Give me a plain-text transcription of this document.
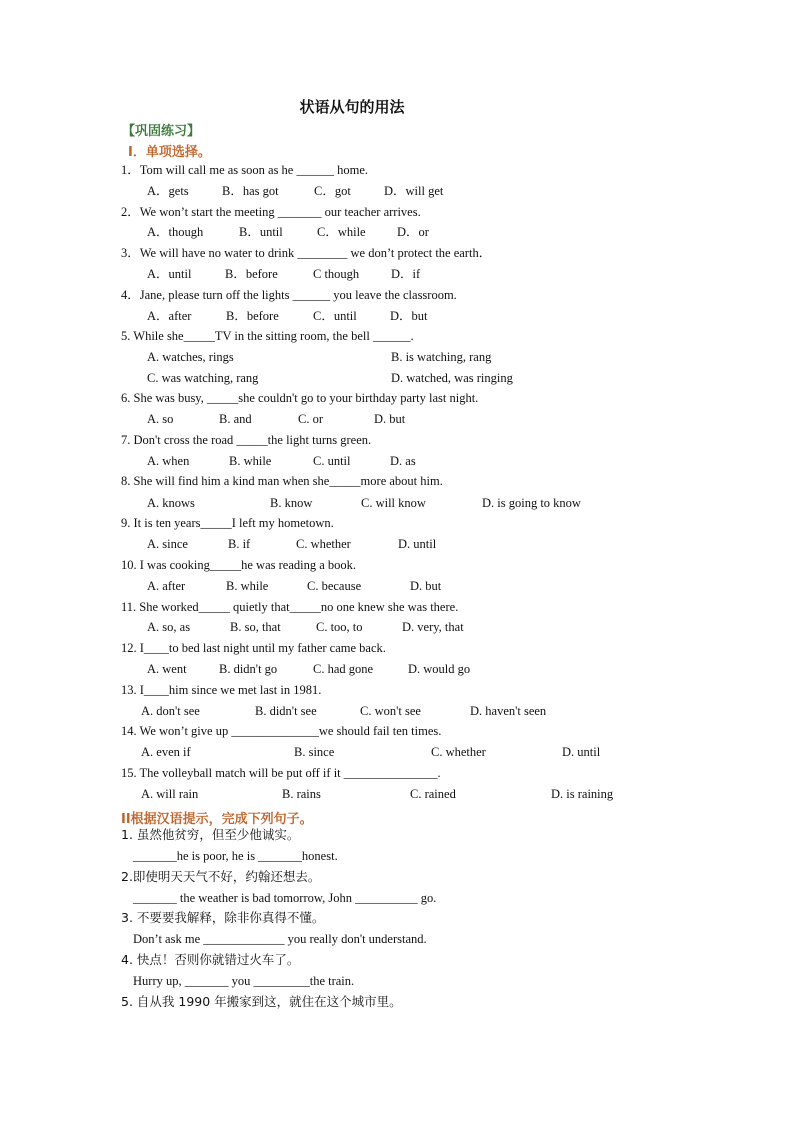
状语从句的用法
【巩固练习】
I．单项选择。
1．Tom will call me as soon as he ______ home.
A．gets	B．has got	C．got	D．will get
2．We won’t start the meeting _______ our teacher arrives.
A．though	B．until	C．while	D．or
3．We will have no water to drink ________ we don’t protect the earth．
A．until	B．before	C though	D．if
4．Jane, please turn off the lights ______ you leave the classroom.
A．after	B．before	C．until	D．but
5. While she_____TV in the sitting room, the bell ______.
A. watches, rings	B. is watching, rang
C. was watching, rang	D. watched, was ringing
6. She was busy, _____she couldn't go to your birthday party last night.
A. so	B. and	C. or	D. but
7. Don't cross the road _____the light turns green.
A. when	B. while	C. until	D. as
8. She will find him a kind man when she_____more about him.
A. knows	B. know	C. will know	D. is going to know
9. It is ten years_____I left my hometown.
A. since	B. if	C. whether	D. until
10. I was cooking_____he was reading a book.
A. after	B. while	C. because	D. but
11. She worked_____ quietly that_____no one knew she was there.
A. so, as	B. so, that	C. too, to	D. very, that
12. I____to bed last night until my father came back.
A. went	B. didn't go	C. had gone	D. would go
13. I____him since we met last in 1981.
A. don't see	B. didn't see	C. won't see	D. haven't seen
14. We won’t give up ______________we should fail ten times.
A. even if	B. since	C. whether	D. until
15. The volleyball match will be put off if it _______________.
A. will rain	B. rains	C. rained	D. is raining
II根据汉语提示，完成下列句子。
1. 虽然他贫穷，但至少他诚实。
_______he is poor, he is _______honest.
2.即使明天天气不好，约翰还想去。
_______ the weather is bad tomorrow, John __________ go.
3. 不要要我解释，除非你真得不懂。
Don’t ask me _____________ you really don't understand.
4. 快点！否则你就错过火车了。
Hurry up, _______ you _________the train.
5. 自从我 1990 年搬家到这，就住在这个城市里。
